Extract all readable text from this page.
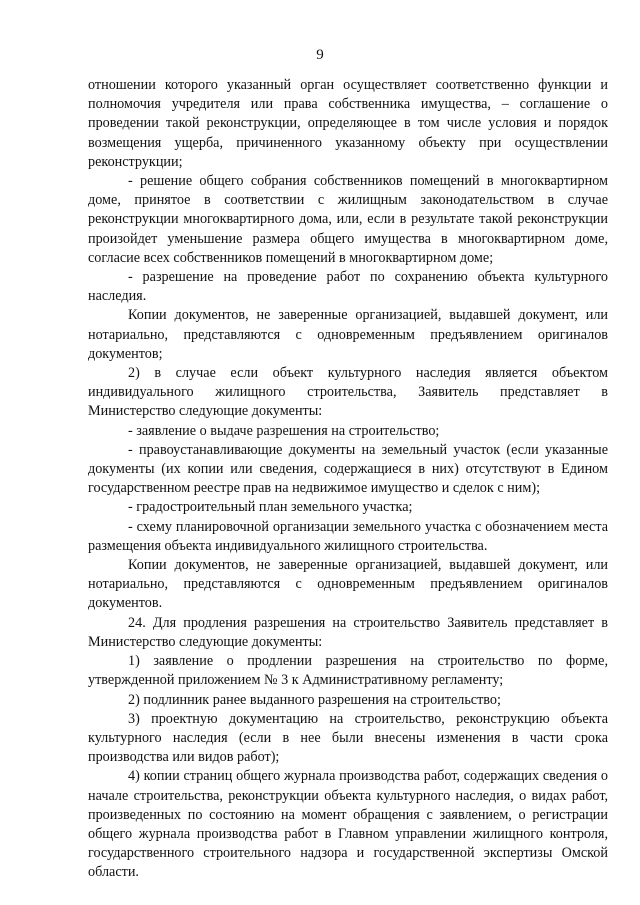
9

отношении которого указанный орган осуществляет соответственно функции и полномочия учредителя или права собственника имущества, – соглашение о проведении такой реконструкции, определяющее в том числе условия и порядок возмещения ущерба, причиненного указанному объекту при осуществлении реконструкции;

- решение общего собрания собственников помещений в многоквартирном доме, принятое в соответствии с жилищным законодательством в случае реконструкции многоквартирного дома, или, если в результате такой реконструкции произойдет уменьшение размера общего имущества в многоквартирном доме, согласие всех собственников помещений в многоквартирном доме;

- разрешение на проведение работ по сохранению объекта культурного наследия.

Копии документов, не заверенные организацией, выдавшей документ, или нотариально, представляются с одновременным предъявлением оригиналов документов;

2) в случае если объект культурного наследия является объектом индивидуального жилищного строительства, Заявитель представляет в Министерство следующие документы:

- заявление о выдаче разрешения на строительство;

- правоустанавливающие документы на земельный участок (если указанные документы (их копии или сведения, содержащиеся в них) отсутствуют в Едином государственном реестре прав на недвижимое имущество и сделок с ним);

- градостроительный план земельного участка;

- схему планировочной организации земельного участка с обозначением места размещения объекта индивидуального жилищного строительства.

Копии документов, не заверенные организацией, выдавшей документ, или нотариально, представляются с одновременным предъявлением оригиналов документов.

24. Для продления разрешения на строительство Заявитель представляет в Министерство следующие документы:

1) заявление о продлении разрешения на строительство по форме, утвержденной приложением № 3 к Административному регламенту;

2) подлинник ранее выданного разрешения на строительство;

3) проектную документацию на строительство, реконструкцию объекта культурного наследия (если в нее были внесены изменения в части срока производства или видов работ);

4) копии страниц общего журнала производства работ, содержащих сведения о начале строительства, реконструкции объекта культурного наследия, о видах работ, произведенных по состоянию на момент обращения с заявлением, о регистрации общего журнала производства работ в Главном управлении жилищного контроля, государственного строительного надзора и государственной экспертизы Омской области.
